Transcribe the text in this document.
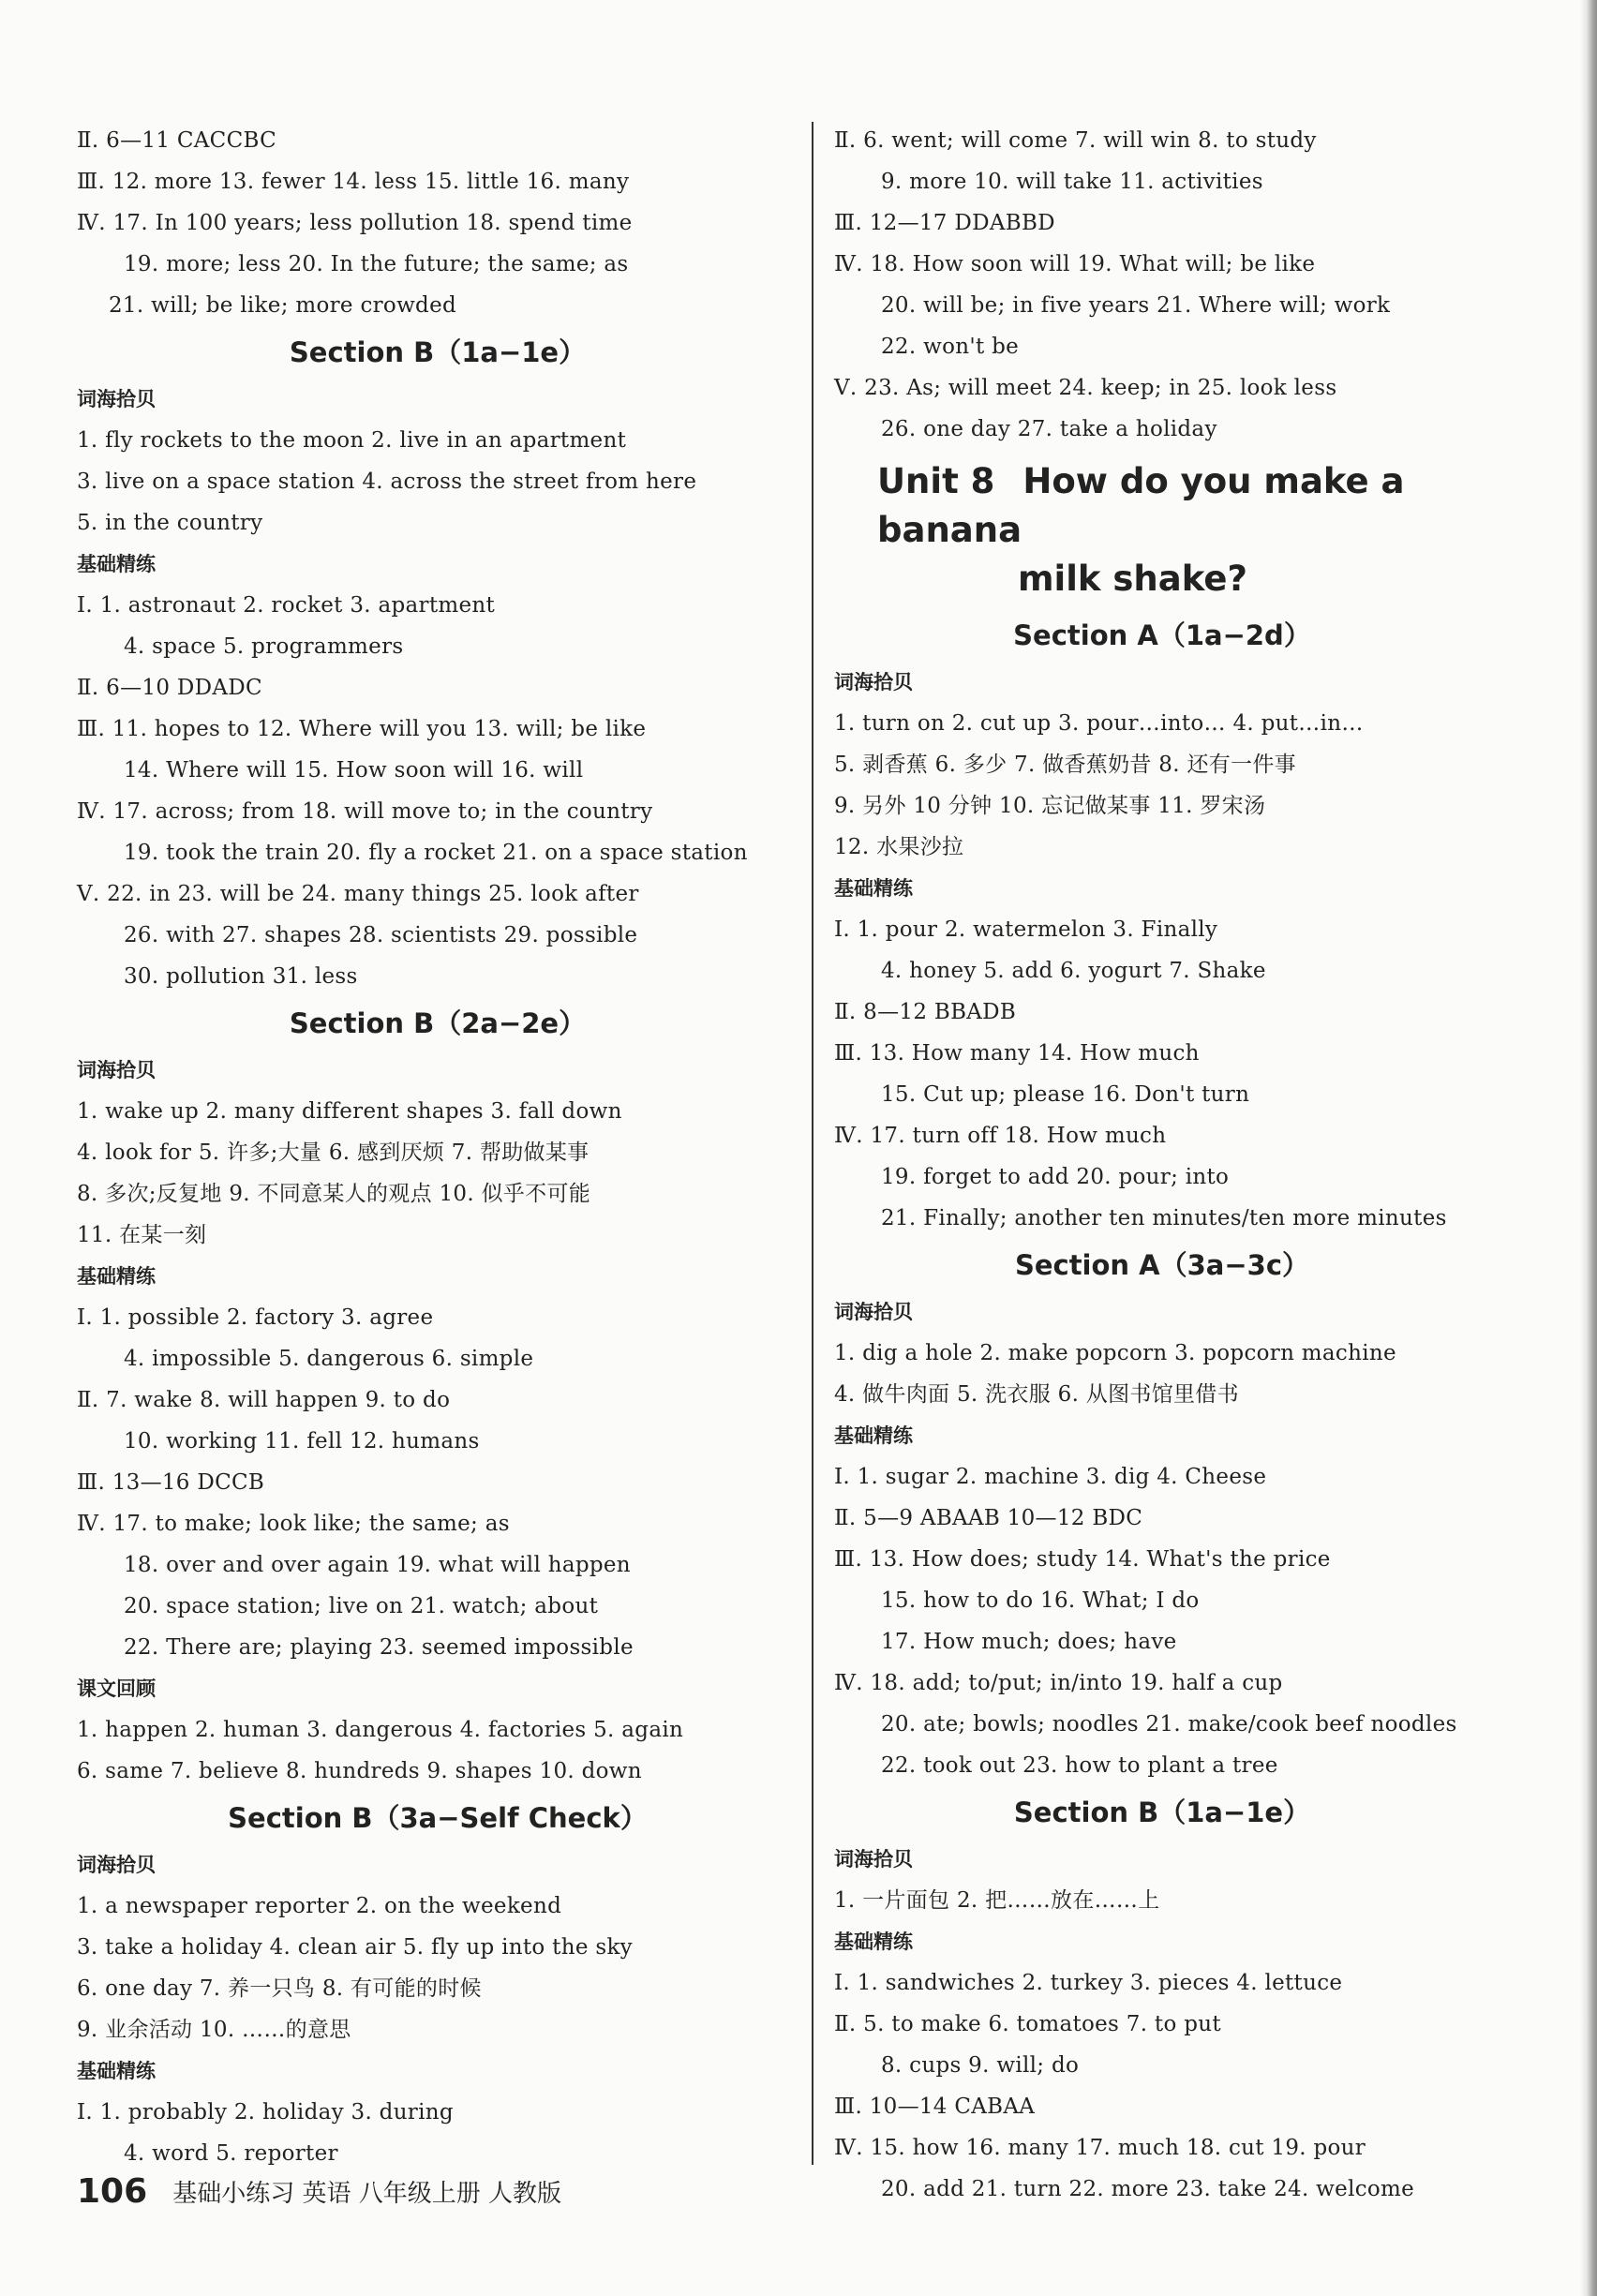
Ⅱ. 6—11 CACCBC
Ⅲ. 12. more 13. fewer 14. less 15. little 16. many
Ⅳ. 17. In 100 years; less pollution 18. spend time
19. more; less 20. In the future; the same; as
21. will; be like; more crowded
Section B（1a−1e）
词海拾贝
1. fly rockets to the moon 2. live in an apartment
3. live on a space station 4. across the street from here
5. in the country
基础精练
Ⅰ. 1. astronaut 2. rocket 3. apartment
4. space 5. programmers
Ⅱ. 6—10 DDADC
Ⅲ. 11. hopes to 12. Where will you 13. will; be like
14. Where will 15. How soon will 16. will
Ⅳ. 17. across; from 18. will move to; in the country
19. took the train 20. fly a rocket 21. on a space station
Ⅴ. 22. in 23. will be 24. many things 25. look after
26. with 27. shapes 28. scientists 29. possible
30. pollution 31. less
Section B（2a−2e）
词海拾贝
1. wake up 2. many different shapes 3. fall down
4. look for 5. 许多;大量 6. 感到厌烦 7. 帮助做某事
8. 多次;反复地 9. 不同意某人的观点 10. 似乎不可能
11. 在某一刻
基础精练
Ⅰ. 1. possible 2. factory 3. agree
4. impossible 5. dangerous 6. simple
Ⅱ. 7. wake 8. will happen 9. to do
10. working 11. fell 12. humans
Ⅲ. 13—16 DCCB
Ⅳ. 17. to make; look like; the same; as
18. over and over again 19. what will happen
20. space station; live on 21. watch; about
22. There are; playing 23. seemed impossible
课文回顾
1. happen 2. human 3. dangerous 4. factories 5. again
6. same 7. believe 8. hundreds 9. shapes 10. down
Section B（3a−Self Check）
词海拾贝
1. a newspaper reporter 2. on the weekend
3. take a holiday 4. clean air 5. fly up into the sky
6. one day 7. 养一只鸟 8. 有可能的时候
9. 业余活动 10. ……的意思
基础精练
Ⅰ. 1. probably 2. holiday 3. during
4. word 5. reporter
Ⅱ. 6. went; will come 7. will win 8. to study
9. more 10. will take 11. activities
Ⅲ. 12—17 DDABBD
Ⅳ. 18. How soon will 19. What will; be like
20. will be; in five years 21. Where will; work
22. won't be
Ⅴ. 23. As; will meet 24. keep; in 25. look less
26. one day 27. take a holiday
Unit 8 How do you make a banana
milk shake?
Section A（1a−2d）
词海拾贝
1. turn on 2. cut up 3. pour…into… 4. put…in…
5. 剥香蕉 6. 多少 7. 做香蕉奶昔 8. 还有一件事
9. 另外 10 分钟 10. 忘记做某事 11. 罗宋汤
12. 水果沙拉
基础精练
Ⅰ. 1. pour 2. watermelon 3. Finally
4. honey 5. add 6. yogurt 7. Shake
Ⅱ. 8—12 BBADB
Ⅲ. 13. How many 14. How much
15. Cut up; please 16. Don't turn
Ⅳ. 17. turn off 18. How much
19. forget to add 20. pour; into
21. Finally; another ten minutes/ten more minutes
Section A（3a−3c）
词海拾贝
1. dig a hole 2. make popcorn 3. popcorn machine
4. 做牛肉面 5. 洗衣服 6. 从图书馆里借书
基础精练
Ⅰ. 1. sugar 2. machine 3. dig 4. Cheese
Ⅱ. 5—9 ABAAB 10—12 BDC
Ⅲ. 13. How does; study 14. What's the price
15. how to do 16. What; I do
17. How much; does; have
Ⅳ. 18. add; to/put; in/into 19. half a cup
20. ate; bowls; noodles 21. make/cook beef noodles
22. took out 23. how to plant a tree
Section B（1a−1e）
词海拾贝
1. 一片面包 2. 把……放在……上
基础精练
Ⅰ. 1. sandwiches 2. turkey 3. pieces 4. lettuce
Ⅱ. 5. to make 6. tomatoes 7. to put
8. cups 9. will; do
Ⅲ. 10—14 CABAA
Ⅳ. 15. how 16. many 17. much 18. cut 19. pour
20. add 21. turn 22. more 23. take 24. welcome
106 基础小练习 英语 八年级上册 人教版
